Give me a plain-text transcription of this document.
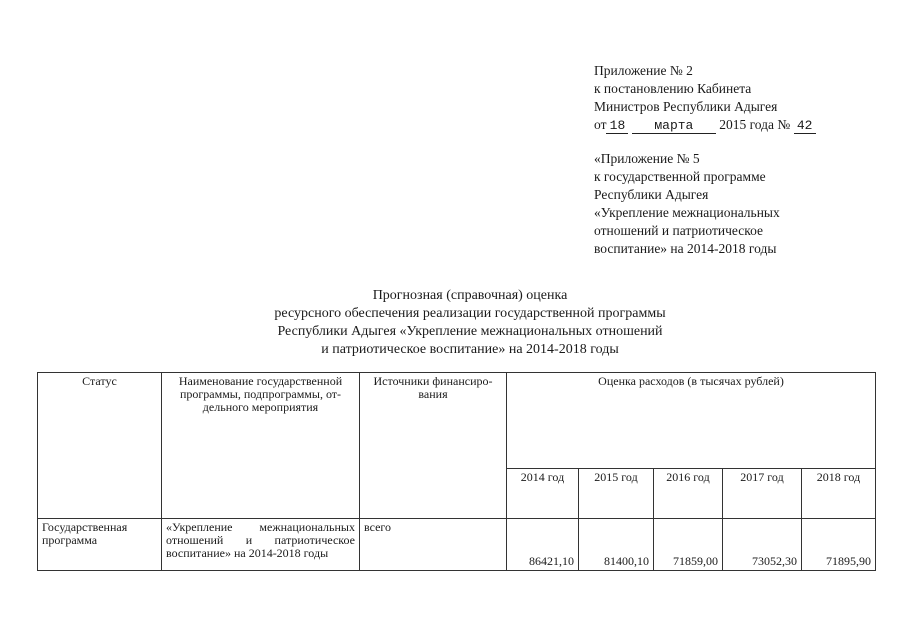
Приложение № 2
к постановлению Кабинета
Министров Республики Адыгея
от 18 марта 2015 года № 42
«Приложение № 5
к государственной программе
Республики Адыгея
«Укрепление межнациональных
отношений и патриотическое
воспитание» на 2014-2018 годы
Прогнозная (справочная) оценка
ресурсного обеспечения реализации государственной программы
Республики Адыгея «Укрепление межнациональных отношений
и патриотическое воспитание» на 2014-2018 годы
Статус	Наименование государственной программы, подпрограммы, от-дельного мероприятия	Источники финансиро-вания	Оценка расходов (в тысячах рублей)				
			2014 год	2015 год	2016 год	2017 год	2018 год
Государственная программа	«Укрепление межнациональных отношений и патриотическое воспитание» на 2014-2018 годы	всего	86421,10	81400,10	71859,00	73052,30	71895,90
